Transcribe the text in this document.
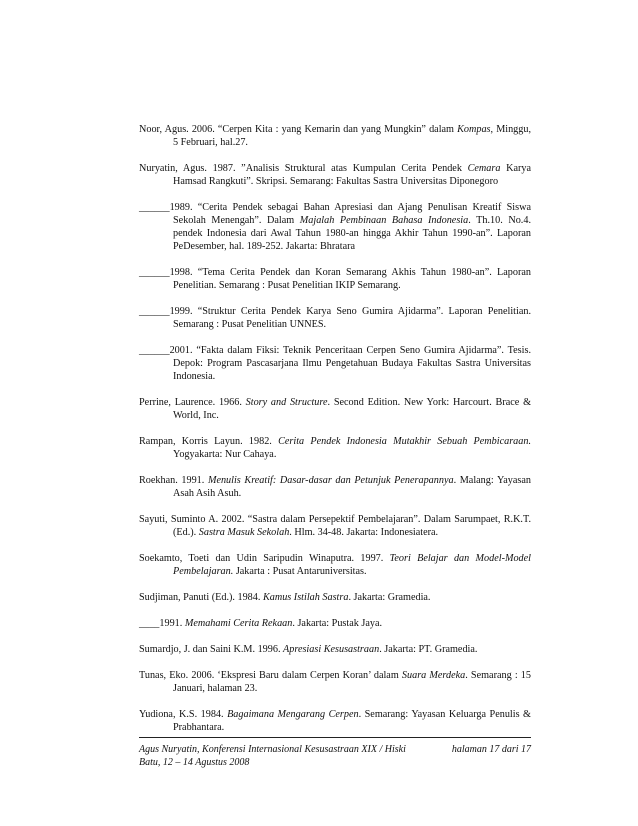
Noor, Agus. 2006. “Cerpen Kita : yang Kemarin dan yang Mungkin” dalam Kompas, Minggu, 5 Februari, hal.27.
Nuryatin, Agus. 1987. ”Analisis Struktural atas Kumpulan Cerita Pendek Cemara Karya Hamsad Rangkuti”. Skripsi. Semarang: Fakultas Sastra Universitas Diponegoro
______1989. “Cerita Pendek sebagai Bahan Apresiasi dan Ajang Penulisan Kreatif Siswa Sekolah Menengah”. Dalam Majalah Pembinaan Bahasa Indonesia. Th.10. No.4. pendek Indonesia dari Awal Tahun 1980-an hingga Akhir Tahun 1990-an”. Laporan PeDesember, hal. 189-252. Jakarta: Bhratara
______1998. “Tema Cerita Pendek dan Koran Semarang Akhis Tahun 1980-an”. Laporan Penelitian. Semarang : Pusat Penelitian IKIP Semarang.
______1999. “Struktur Cerita Pendek Karya Seno Gumira Ajidarma”. Laporan Penelitian. Semarang : Pusat Penelitian UNNES.
______2001. “Fakta dalam Fiksi: Teknik Penceritaan Cerpen Seno Gumira Ajidarma”. Tesis. Depok: Program Pascasarjana Ilmu Pengetahuan Budaya Fakultas Sastra Universitas Indonesia.
Perrine, Laurence. 1966. Story and Structure. Second Edition. New York: Harcourt. Brace & World, Inc.
Rampan, Korris Layun. 1982. Cerita Pendek Indonesia Mutakhir Sebuah Pembicaraan. Yogyakarta: Nur Cahaya.
Roekhan. 1991. Menulis Kreatif: Dasar-dasar dan Petunjuk Penerapannya. Malang: Yayasan Asah Asih Asuh.
Sayuti, Suminto A. 2002. “Sastra dalam Persepektif Pembelajaran”. Dalam Sarumpaet, R.K.T. (Ed.). Sastra Masuk Sekolah. Hlm. 34-48. Jakarta: Indonesiatera.
Soekamto, Toeti dan Udin Saripudin Winaputra. 1997. Teori Belajar dan Model-Model Pembelajaran. Jakarta : Pusat Antaruniversitas.
Sudjiman, Panuti (Ed.). 1984. Kamus Istilah Sastra. Jakarta: Gramedia.
____1991. Memahami Cerita Rekaan. Jakarta: Pustak Jaya.
Sumardjo, J. dan Saini K.M. 1996. Apresiasi Kesusastraan. Jakarta: PT. Gramedia.
Tunas, Eko. 2006. ‘Ekspresi Baru dalam Cerpen Koran’ dalam Suara Merdeka. Semarang : 15 Januari, halaman 23.
Yudiona, K.S. 1984. Bagaimana Mengarang Cerpen. Semarang: Yayasan Keluarga Penulis & Prabhantara.
Agus Nuryatin, Konferensi Internasional Kesusastraan XIX / Hiski
Batu, 12 – 14 Agustus 2008
halaman 17 dari 17
